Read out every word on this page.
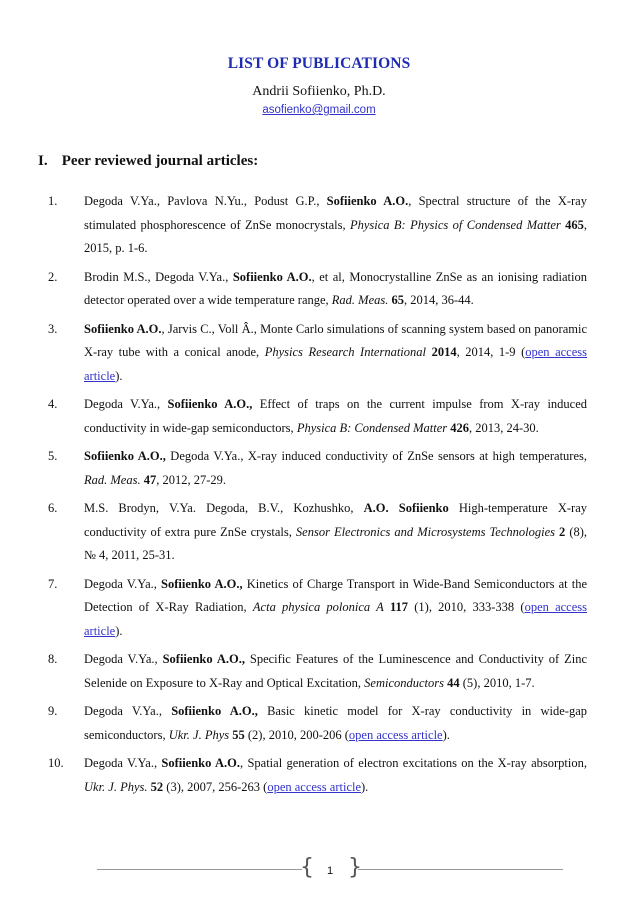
LIST OF PUBLICATIONS
Andrii Sofiienko, Ph.D.
asofienko@gmail.com
I. Peer reviewed journal articles:
1.	Degoda V.Ya., Pavlova N.Yu., Podust G.P., Sofiienko A.O., Spectral structure of the X-ray stimulated phosphorescence of ZnSe monocrystals, Physica B: Physics of Condensed Matter 465, 2015, p. 1-6.
2.	Brodin M.S., Degoda V.Ya., Sofiienko A.O., et al, Monocrystalline ZnSe as an ionising radiation detector operated over a wide temperature range, Rad. Meas. 65, 2014, 36-44.
3.	Sofiienko A.O., Jarvis C., Voll Â., Monte Carlo simulations of scanning system based on panoramic X-ray tube with a conical anode, Physics Research International 2014, 2014, 1-9 (open access article).
4.	Degoda V.Ya., Sofiienko A.O., Effect of traps on the current impulse from X-ray induced conductivity in wide-gap semiconductors, Physica B: Condensed Matter 426, 2013, 24-30.
5.	Sofiienko A.O., Degoda V.Ya., X-ray induced conductivity of ZnSe sensors at high temperatures, Rad. Meas. 47, 2012, 27-29.
6.	M.S. Brodyn, V.Ya. Degoda, B.V., Kozhushko, A.O. Sofiienko High-temperature X-ray conductivity of extra pure ZnSe crystals, Sensor Electronics and Microsystems Technologies 2 (8), № 4, 2011, 25-31.
7.	Degoda V.Ya., Sofiienko A.O., Kinetics of Charge Transport in Wide-Band Semiconductors at the Detection of X-Ray Radiation, Acta physica polonica A 117 (1), 2010, 333-338 (open access article).
8.	Degoda V.Ya., Sofiienko A.O., Specific Features of the Luminescence and Conductivity of Zinc Selenide on Exposure to X-Ray and Optical Excitation, Semiconductors 44 (5), 2010, 1-7.
9.	Degoda V.Ya., Sofiienko A.O., Basic kinetic model for X-ray conductivity in wide-gap semiconductors, Ukr. J. Phys 55 (2), 2010, 200-206 (open access article).
10.	Degoda V.Ya., Sofiienko A.O., Spatial generation of electron excitations on the X-ray absorption, Ukr. J. Phys. 52 (3), 2007, 256-263 (open access article).
{ }
1
